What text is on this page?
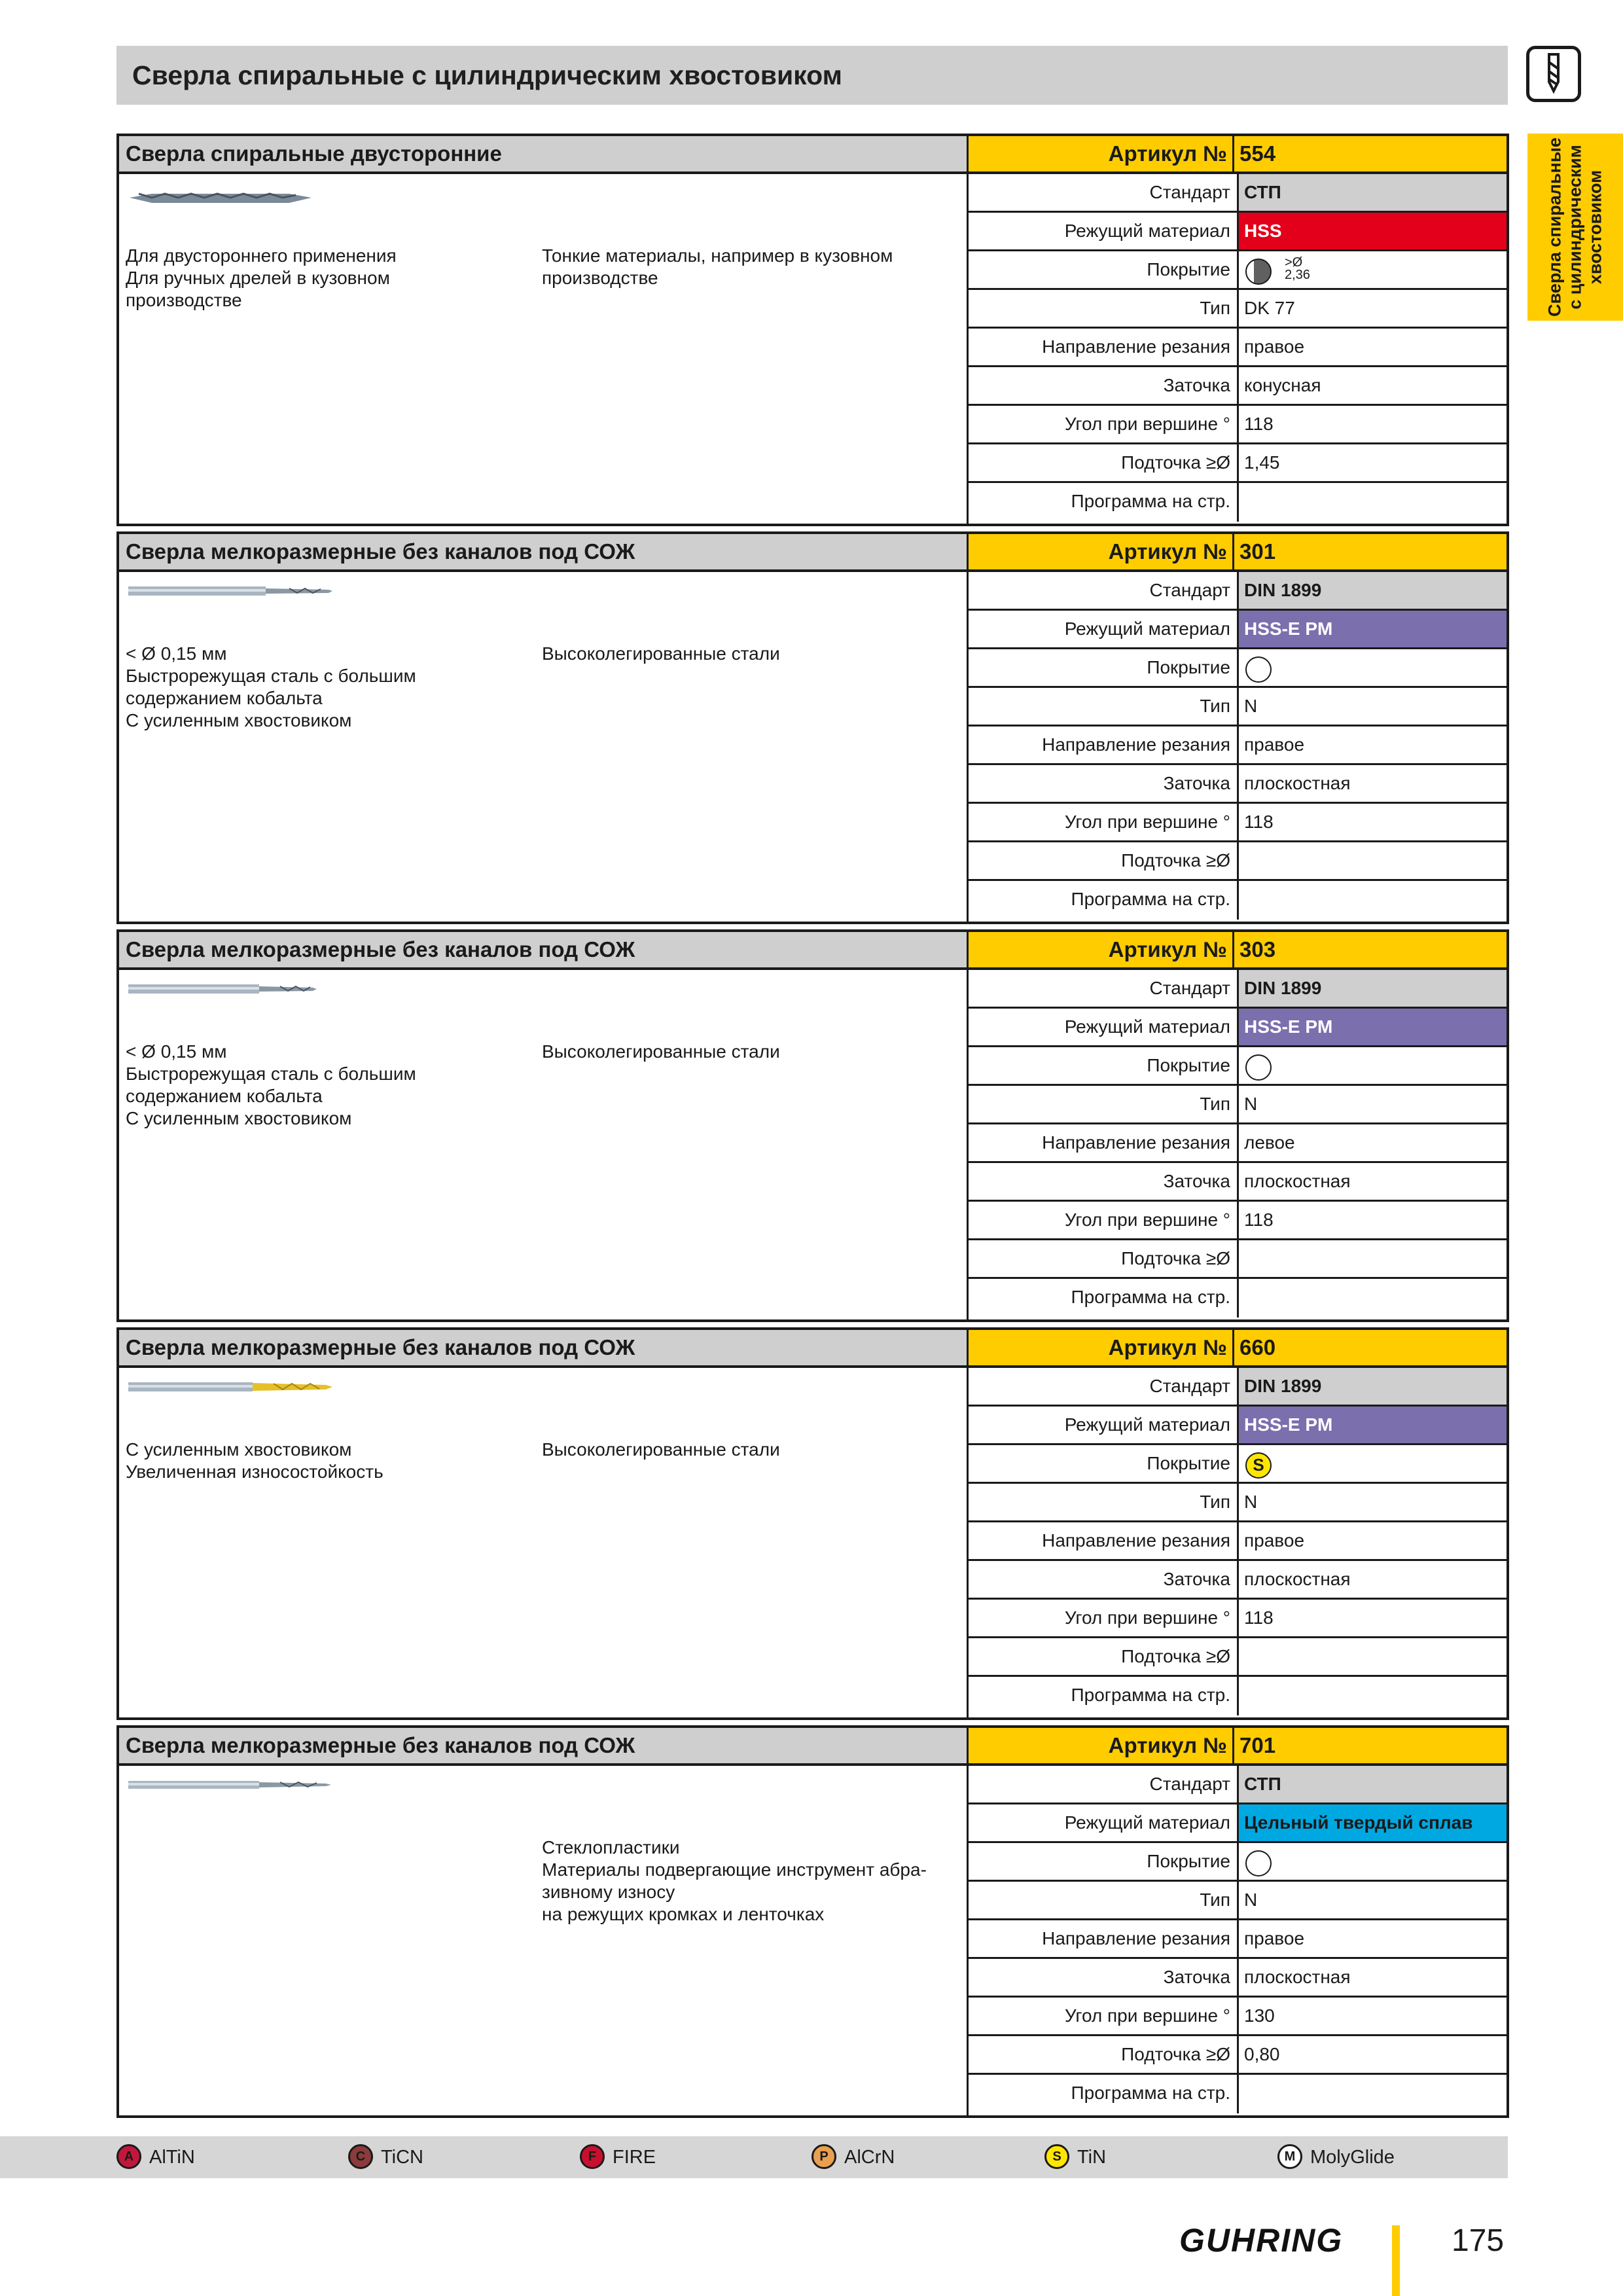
Сверла спиральные с цилиндрическим хвостовиком
Сверла спиральные с цилиндрическим хвостовиком
Сверла спиральные двусторонние	Артикул № 554
Для двустороннего применения
Для ручных дрелей в кузовном
производстве
Тонкие материалы, например в кузовном
производстве
Стандарт СТП
Режущий материал HSS
Покрытие	>Ø
2,36
Тип DK 77
Направление резания правое
Заточка конусная
Угол при вершине ° 118
Подточка ≥Ø 1,45
Программа на стр.
Сверла мелкоразмерные без каналов под СОЖ	Артикул № 301
< Ø 0,15 мм
Быстрорежущая сталь с большим
содержанием кобальта
С усиленным хвостовиком
Высоколегированные стали
Стандарт DIN 1899
Режущий материал HSS-E PM
Покрытие
Тип N
Направление резания правое
Заточка плоскостная
Угол при вершине ° 118
Подточка ≥Ø
Программа на стр.
Сверла мелкоразмерные без каналов под СОЖ	Артикул № 303
< Ø 0,15 мм
Быстрорежущая сталь с большим
содержанием кобальта
С усиленным хвостовиком
Высоколегированные стали
Стандарт DIN 1899
Режущий материал HSS-E PM
Покрытие
Тип N
Направление резания левое
Заточка плоскостная
Угол при вершине ° 118
Подточка ≥Ø
Программа на стр.
Сверла мелкоразмерные без каналов под СОЖ	Артикул № 660
С усиленным хвостовиком
Увеличенная износостойкость
Высоколегированные стали
Стандарт DIN 1899
Режущий материал HSS-E PM
Покрытие	S
Тип N
Направление резания правое
Заточка плоскостная
Угол при вершине ° 118
Подточка ≥Ø
Программа на стр.
Сверла мелкоразмерные без каналов под СОЖ	Артикул № 701
Стеклопластики
Материалы подвергающие инструмент абра-
зивному износу
на режущих кромках и ленточках
Стандарт СТП
Режущий материал Цельный твердый сплав
Покрытие
Тип N
Направление резания правое
Заточка плоскостная
Угол при вершине ° 130
Подточка ≥Ø 0,80
Программа на стр.
A AlTiN	C TiCN	F FIRE	P AlCrN	S TiN	M MolyGlide
GUHRING	175
